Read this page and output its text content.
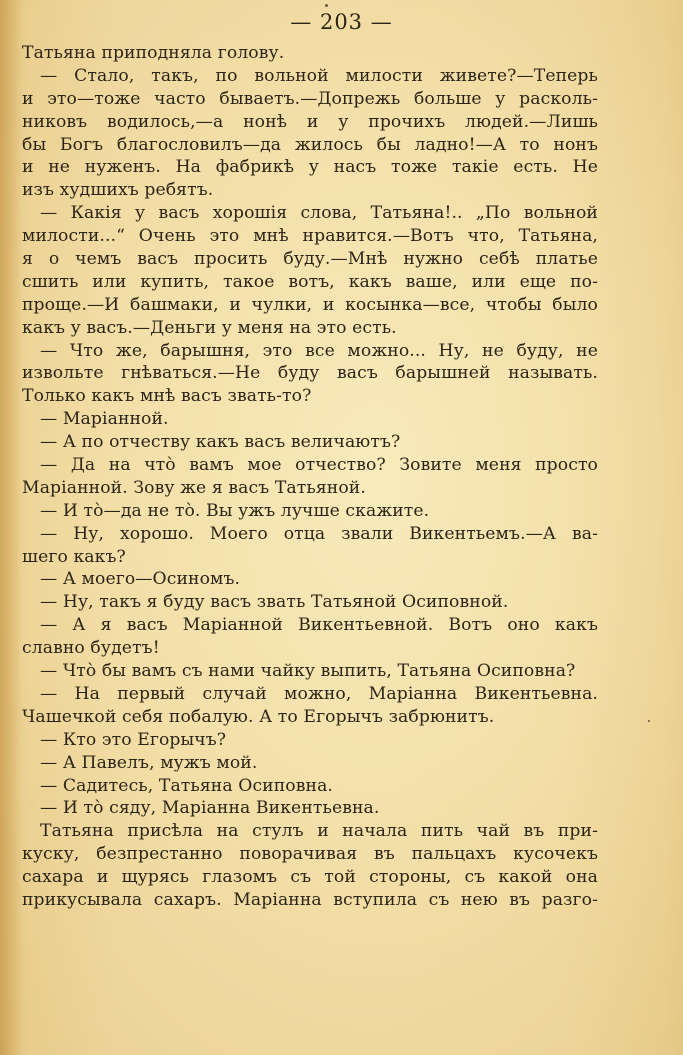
— 203 —
Татьяна приподняла голову.
— Стало, такъ, по вольной милости живете?—Теперь
и это—тоже часто бываетъ.—Допрежь больше у расколь-
никовъ водилось,—а нонѣ и у прочихъ людей.—Лишь
бы Богъ благословилъ—да жилось бы ладно!—А то нонъ
и не нуженъ. На фабрикѣ у насъ тоже такіе есть. Не
изъ худшихъ ребятъ.
— Какія у васъ хорошія слова, Татьяна!.. „По вольной
милости...“ Очень это мнѣ нравится.—Вотъ что, Татьяна,
я о чемъ васъ просить буду.—Мнѣ нужно себѣ платье
сшить или купить, такое вотъ, какъ ваше, или еще по-
проще.—И башмаки, и чулки, и косынка—все, чтобы было
какъ у васъ.—Деньги у меня на это есть.
— Что же, барышня, это все можно... Ну, не буду, не
извольте гнѣваться.—Не буду васъ барышней называть.
Только какъ мнѣ васъ звать-то?
— Маріанной.
— А по отчеству какъ васъ величаютъ?
— Да на что̀ вамъ мое отчество? Зовите меня просто
Маріанной. Зову же я васъ Татьяной.
— И то̀—да не то̀. Вы ужъ лучше скажите.
— Ну, хорошо. Моего отца звали Викентьемъ.—А ва-
шего какъ?
— А моего—Осиномъ.
— Ну, такъ я буду васъ звать Татьяной Осиповной.
— А я васъ Маріанной Викентьевной. Вотъ оно какъ
славно будетъ!
— Что̀ бы вамъ съ нами чайку выпить, Татьяна Осиповна?
— На первый случай можно, Маріанна Викентьевна.
Чашечкой себя побалую. А то Егорычъ забрюнитъ.
— Кто это Егорычъ?
— А Павелъ, мужъ мой.
— Садитесь, Татьяна Осиповна.
— И то̀ сяду, Маріанна Викентьевна.
Татьяна присѣла на стулъ и начала пить чай въ при-
куску, безпрестанно поворачивая въ пальцахъ кусочекъ
сахара и щурясь глазомъ съ той стороны, съ какой она
прикусывала сахаръ. Маріанна вступила съ нею въ разго-
